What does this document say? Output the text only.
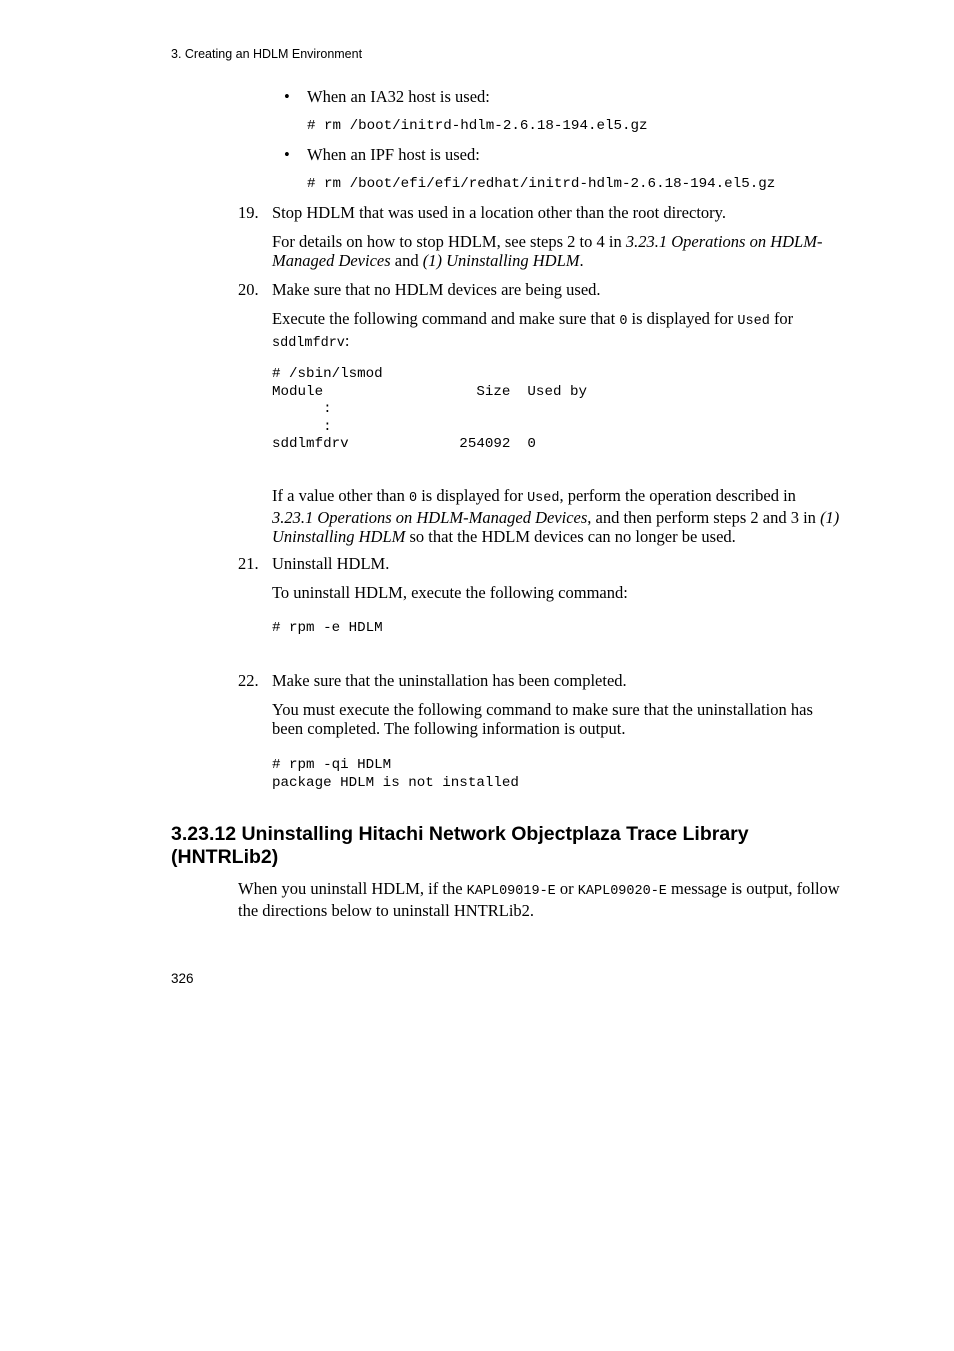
3. Creating an HDLM Environment
• When an IA32 host is used:
# rm /boot/initrd-hdlm-2.6.18-194.el5.gz
• When an IPF host is used:
# rm /boot/efi/efi/redhat/initrd-hdlm-2.6.18-194.el5.gz
19. Stop HDLM that was used in a location other than the root directory.
For details on how to stop HDLM, see steps 2 to 4 in 3.23.1 Operations on HDLM-Managed Devices and (1) Uninstalling HDLM.
20. Make sure that no HDLM devices are being used.
Execute the following command and make sure that 0 is displayed for Used for sddlmfdrv:
# /sbin/lsmod
Module                  Size  Used by
:
:
sddlmfdrv             254092  0
If a value other than 0 is displayed for Used, perform the operation described in 3.23.1 Operations on HDLM-Managed Devices, and then perform steps 2 and 3 in (1) Uninstalling HDLM so that the HDLM devices can no longer be used.
21. Uninstall HDLM.
To uninstall HDLM, execute the following command:
# rpm -e HDLM
22. Make sure that the uninstallation has been completed.
You must execute the following command to make sure that the uninstallation has been completed. The following information is output.
# rpm -qi HDLM
package HDLM is not installed
3.23.12 Uninstalling Hitachi Network Objectplaza Trace Library (HNTRLib2)
When you uninstall HDLM, if the KAPL09019-E or KAPL09020-E message is output, follow the directions below to uninstall HNTRLib2.
326
